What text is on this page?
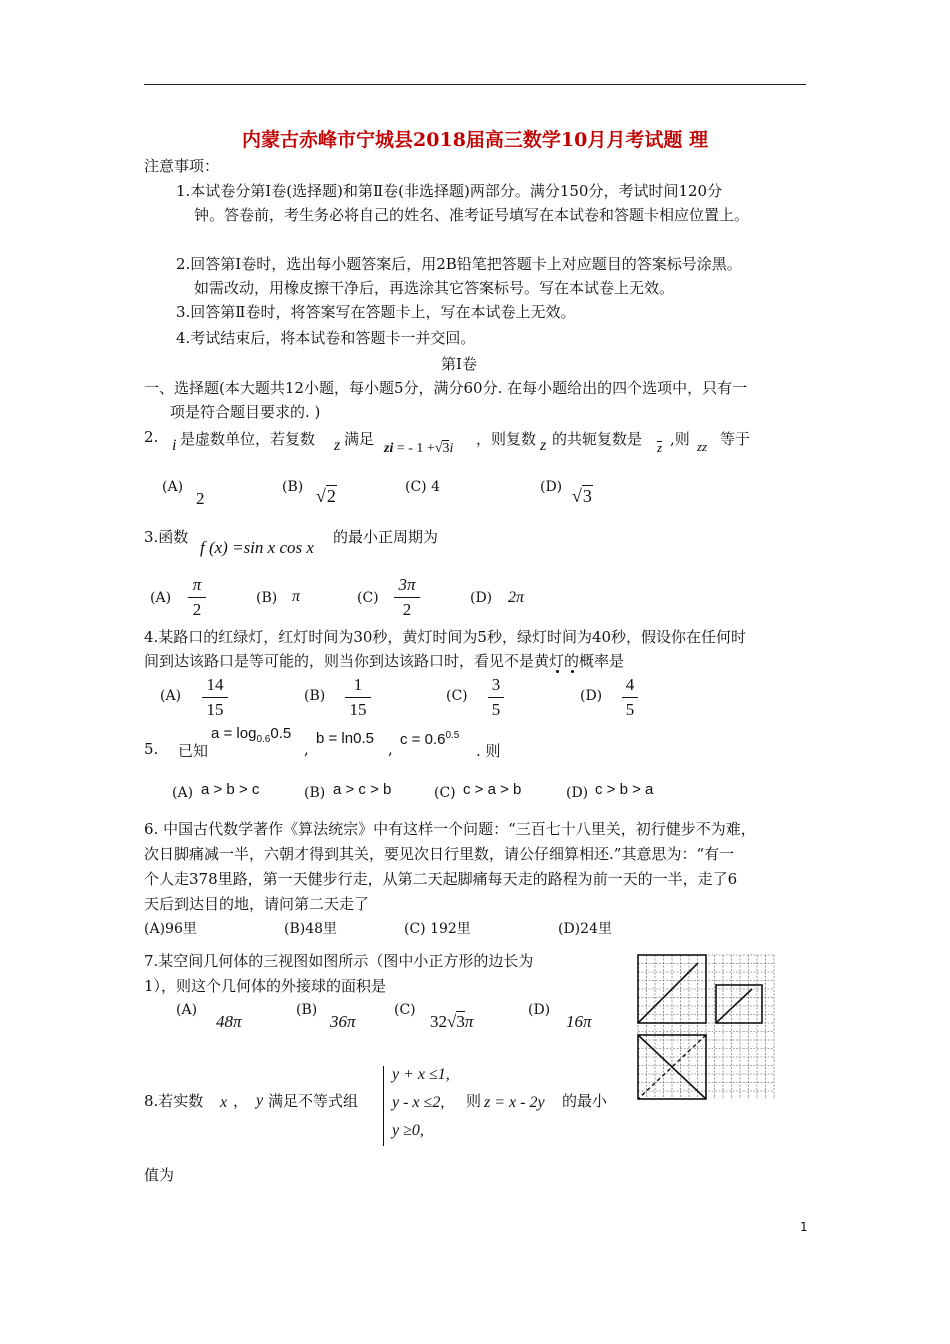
内蒙古赤峰市宁城县2018届高三数学10月月考试题 理
注意事项：
1.本试卷分第Ⅰ卷(选择题)和第Ⅱ卷(非选择题)两部分。满分150分，考试时间120分
钟。答卷前，考生务必将自己的姓名、准考证号填写在本试卷和答题卡相应位置上。
2.回答第Ⅰ卷时，选出每小题答案后，用2B铅笔把答题卡上对应题目的答案标号涂黑。
如需改动，用橡皮擦干净后，再选涂其它答案标号。写在本试卷上无效。
3.回答第Ⅱ卷时，将答案写在答题卡上，写在本试卷上无效。
4.考试结束后，将本试卷和答题卡一并交回。
第Ⅰ卷
一、选择题(本大题共12小题，每小题5分，满分60分. 在每小题给出的四个选项中，只有一
项是符合题目要求的. )
2. i 是虚数单位，若复数 z 满足
zi = - 1 +√3i
，则复数 z 的共轭复数是 z ,则 zz 等于
(A)
2
(B) √2	(C) 4	(D) √3
3.函数
f (x) =sin x cos x
的最小正周期为
(A)
π
2
(B) π	(C)
3π
2
(D) 2π
4.某路口的红绿灯，红灯时间为30秒，黄灯时间为5秒，绿灯时间为40秒，假设你在任何时
间到达该路口是等可能的，则当你到达该路口时，看见不是黄灯的概率是
(A)
14
15
(B)
1
15
(C)
3
5
(D)
4
5
5. 已知
$a = \log_{0.6}0.5$
,
b = ln0.5
,
$c = 0.6^{0.5}$
. 则
(A) a > b > c	(B) a > c > b	(C) c > a > b	(D) c > b > a
6. 中国古代数学著作《算法统宗》中有这样一个问题：“三百七十八里关，初行健步不为难，
次日脚痛减一半，六朝才得到其关，要见次日行里数，请公仔细算相还.”其意思为：“有一
个人走378里路，第一天健步行走，从第二天起脚痛每天走的路程为前一天的一半，走了6
天后到达目的地，请问第二天走了
(A)96里	(B)48里	(C) 192里	(D)24里
7.某空间几何体的三视图如图所示（图中小正方形的边长为
1），则这个几何体的外接球的面积是
(A)
48π
(B)
36π
(C)
32√3π
(D)
16π
8.若实数 x ， y 满足不等式组
y + x ≤1,
y - x ≤2,
y ≥0,
则 z = x - 2y 的最小
值为
1
